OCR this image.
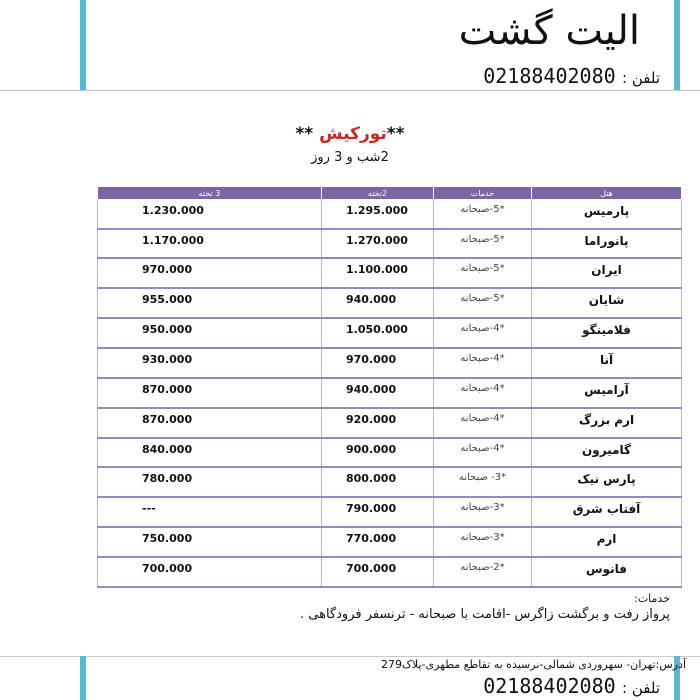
الیت گشت
تلفن : 02188402080
**تورکیش **
2شب و 3 روز
هتل	خدمات	2تخته	3 تخته
پارمیس	*5-صبحانه	1.295.000	1.230.000
پانوراما	*5-صبحانه	1.270.000	1.170.000
ایران	*5-صبحانه	1.100.000	970.000
شایان	*5-صبحانه	940.000	955.000
فلامینگو	*4-صبحانه	1.050.000	950.000
آنا	*4-صبحانه	970.000	930.000
آرامیس	*4-صبحانه	940.000	870.000
ارم بزرگ	*4-صبحانه	920.000	870.000
گامیرون	*4-صبحانه	900.000	840.000
پارس نیک	*3- صبحانه	800.000	780.000
آفتاب شرق	*3-صبحانه	790.000	---
ارم	*3-صبحانه	770.000	750.000
فانوس	*2-صبحانه	700.000	700.000
خدمات:
پرواز رفت و برگشت زاگرس -اقامت با صبحانه - ترنسفر فرودگاهی .
آدرس:تهران- سهروردی شمالی-نرسیده به تقاطع مطهری-پلاک279
تلفن : 02188402080
